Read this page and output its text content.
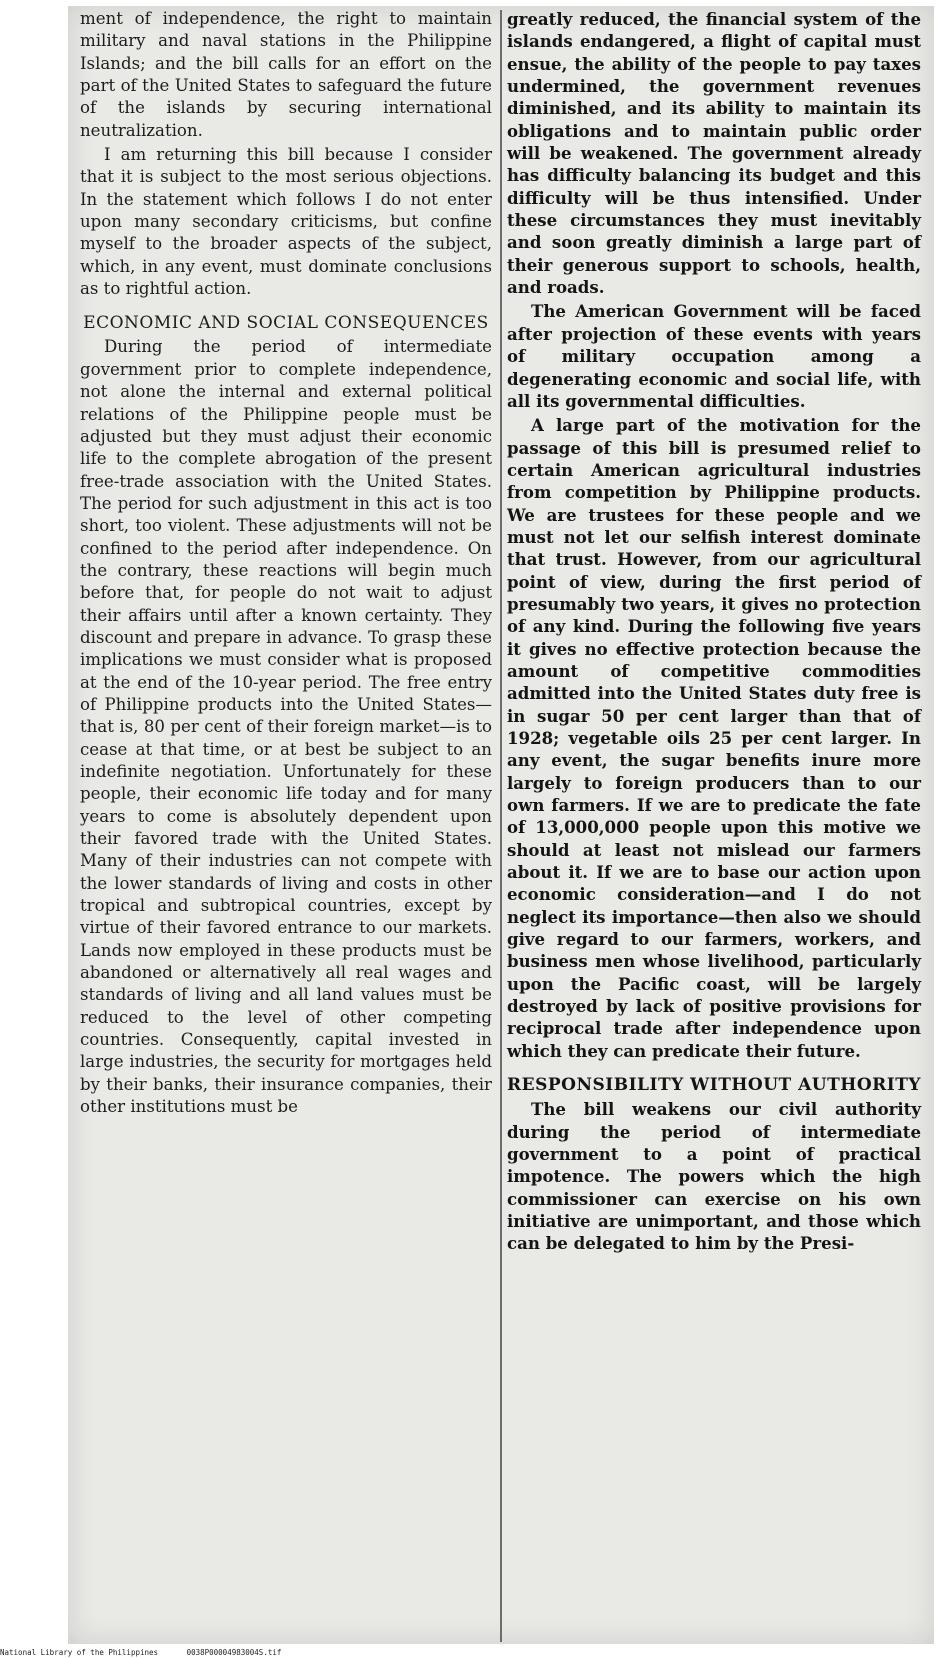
ment of independence, the right to maintain military and naval stations in the Philippine Islands; and the bill calls for an effort on the part of the United States to safeguard the future of the islands by securing international neutralization.

I am returning this bill because I consider that it is subject to the most serious objections. In the statement which follows I do not enter upon many secondary criticisms, but confine myself to the broader aspects of the subject, which, in any event, must dominate conclusions as to rightful action.

ECONOMIC AND SOCIAL CONSEQUENCES

During the period of intermediate government prior to complete independence, not alone the internal and external political relations of the Philippine people must be adjusted but they must adjust their economic life to the complete abrogation of the present free-trade association with the United States. The period for such adjustment in this act is too short, too violent. These adjustments will not be confined to the period after independence. On the contrary, these reactions will begin much before that, for people do not wait to adjust their affairs until after a known certainty. They discount and prepare in advance. To grasp these implications we must consider what is proposed at the end of the 10-year period. The free entry of Philippine products into the United States—that is, 80 per cent of their foreign market—is to cease at that time, or at best be subject to an indefinite negotiation. Unfortunately for these people, their economic life today and for many years to come is absolutely dependent upon their favored trade with the United States. Many of their industries can not compete with the lower standards of living and costs in other tropical and subtropical countries, except by virtue of their favored entrance to our markets. Lands now employed in these products must be abandoned or alternatively all real wages and standards of living and all land values must be reduced to the level of other competing countries. Consequently, capital invested in large industries, the security for mortgages held by their banks, their insurance companies, their other institutions must be

greatly reduced, the financial system of the islands endangered, a flight of capital must ensue, the ability of the people to pay taxes undermined, the government revenues diminished, and its ability to maintain its obligations and to maintain public order will be weakened. The government already has difficulty balancing its budget and this difficulty will be thus intensified. Under these circumstances they must inevitably and soon greatly diminish a large part of their generous support to schools, health, and roads.

The American Government will be faced after projection of these events with years of military occupation among a degenerating economic and social life, with all its governmental difficulties.

A large part of the motivation for the passage of this bill is presumed relief to certain American agricultural industries from competition by Philippine products. We are trustees for these people and we must not let our selfish interest dominate that trust. However, from our agricultural point of view, during the first period of presumably two years, it gives no protection of any kind. During the following five years it gives no effective protection because the amount of competitive commodities admitted into the United States duty free is in sugar 50 per cent larger than that of 1928; vegetable oils 25 per cent larger. In any event, the sugar benefits inure more largely to foreign producers than to our own farmers. If we are to predicate the fate of 13,000,000 people upon this motive we should at least not mislead our farmers about it. If we are to base our action upon economic consideration—and I do not neglect its importance—then also we should give regard to our farmers, workers, and business men whose livelihood, particularly upon the Pacific coast, will be largely destroyed by lack of positive provisions for reciprocal trade after independence upon which they can predicate their future.

RESPONSIBILITY WITHOUT AUTHORITY

The bill weakens our civil authority during the period of intermediate government to a point of practical impotence. The powers which the high commissioner can exercise on his own initiative are unimportant, and those which can be delegated to him by the Presi-

National Library of the Philippines	0038P00004983004S.tif
